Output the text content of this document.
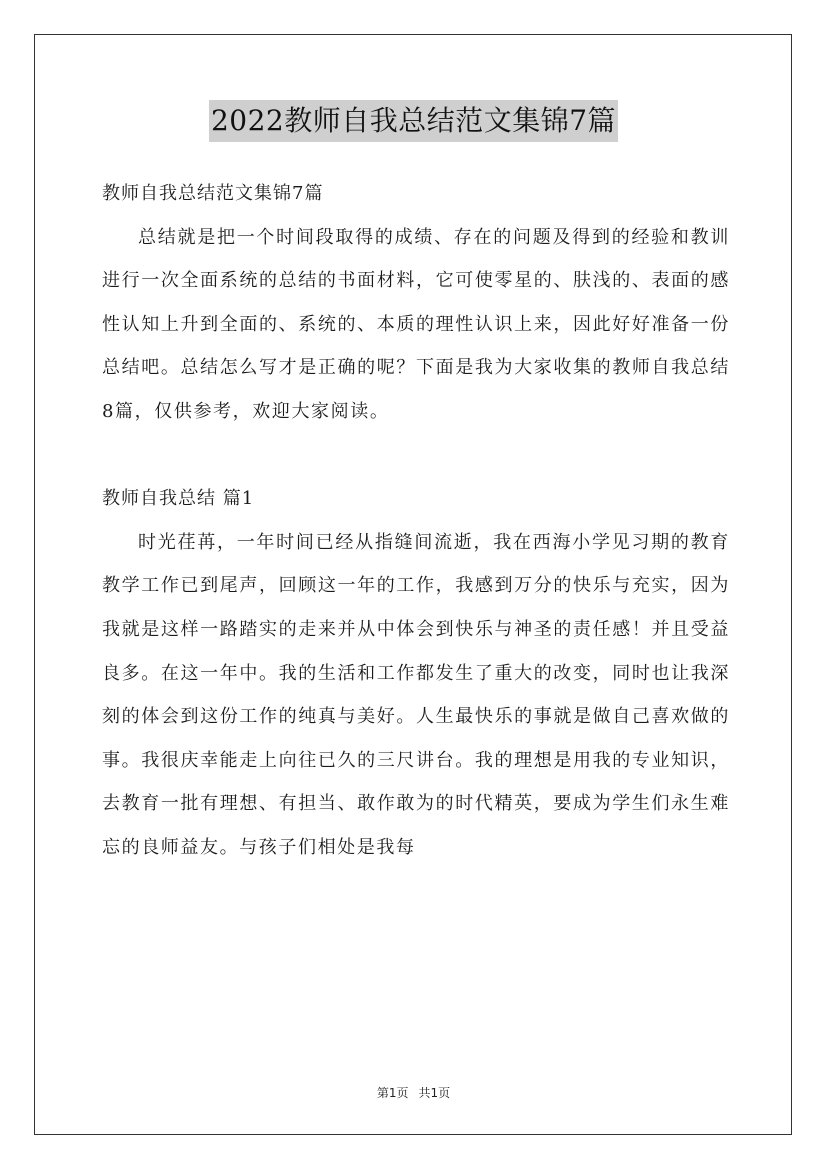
2022教师自我总结范文集锦7篇

教师自我总结范文集锦7篇

总结就是把一个时间段取得的成绩、存在的问题及得到的经验和教训进行一次全面系统的总结的书面材料，它可使零星的、肤浅的、表面的感性认知上升到全面的、系统的、本质的理性认识上来，因此好好准备一份总结吧。总结怎么写才是正确的呢？下面是我为大家收集的教师自我总结8篇，仅供参考，欢迎大家阅读。

教师自我总结 篇1

时光荏苒，一年时间已经从指缝间流逝，我在西海小学见习期的教育教学工作已到尾声，回顾这一年的工作，我感到万分的快乐与充实，因为我就是这样一路踏实的走来并从中体会到快乐与神圣的责任感！并且受益良多。在这一年中。我的生活和工作都发生了重大的改变，同时也让我深刻的体会到这份工作的纯真与美好。人生最快乐的事就是做自己喜欢做的事。我很庆幸能走上向往已久的三尺讲台。我的理想是用我的专业知识，去教育一批有理想、有担当、敢作敢为的时代精英，要成为学生们永生难忘的良师益友。与孩子们相处是我每

第1页 共1页
